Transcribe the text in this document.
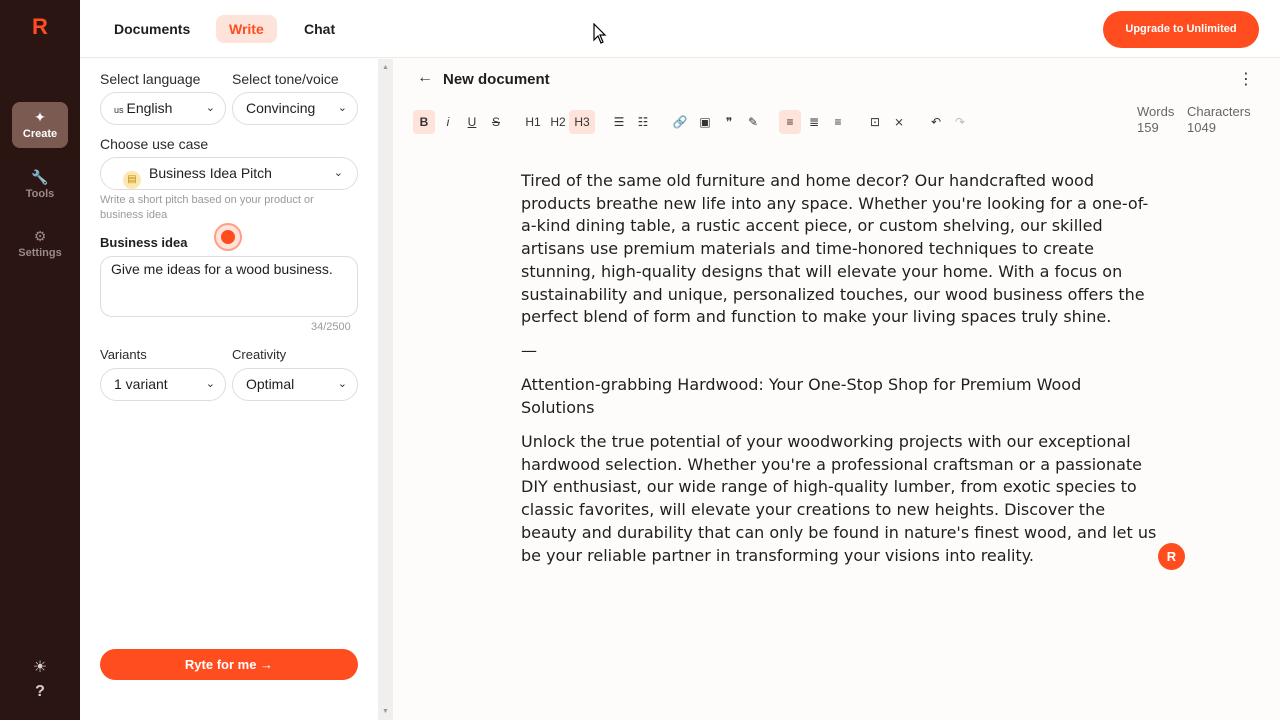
R
✦
Create
🔧
Tools
⚙
Settings
☀
?
Documents	Write	Chat	Upgrade to Unlimited
Select language Select tone/voice
us English	⌄	Convincing ⌄
Choose use case
▤ Business Idea Pitch	⌄
Write a short pitch based on your product or business idea
Business idea
Give me ideas for a wood business.
34/2500
Variants	Creativity
1 variant	⌄	Optimal	⌄
Ryte for me →
▲
▼
← New document	⋮
B	i	U	S	H1 H2 H3	☰	☷	🔗 ▣	❞	✎	≡	≣	≡	⊡	⨯	↶	↷
Words
159
Characters
1049

Tired of the same old furniture and home decor? Our handcrafted wood products breathe new life into any space. Whether you're looking for a one-of-a-kind dining table, a rustic accent piece, or custom shelving, our skilled artisans use premium materials and time-honored techniques to create stunning, high-quality designs that will elevate your home. With a focus on sustainability and unique, personalized touches, our wood business offers the perfect blend of form and function to make your living spaces truly shine.

—

Attention-grabbing Hardwood: Your One-Stop Shop for Premium Wood Solutions

Unlock the true potential of your woodworking projects with our exceptional hardwood selection. Whether you're a professional craftsman or a passionate DIY enthusiast, our wide range of high-quality lumber, from exotic species to classic favorites, will elevate your creations to new heights. Discover the beauty and durability that can only be found in nature's finest wood, and let us be your reliable partner in transforming your visions into reality.	R
